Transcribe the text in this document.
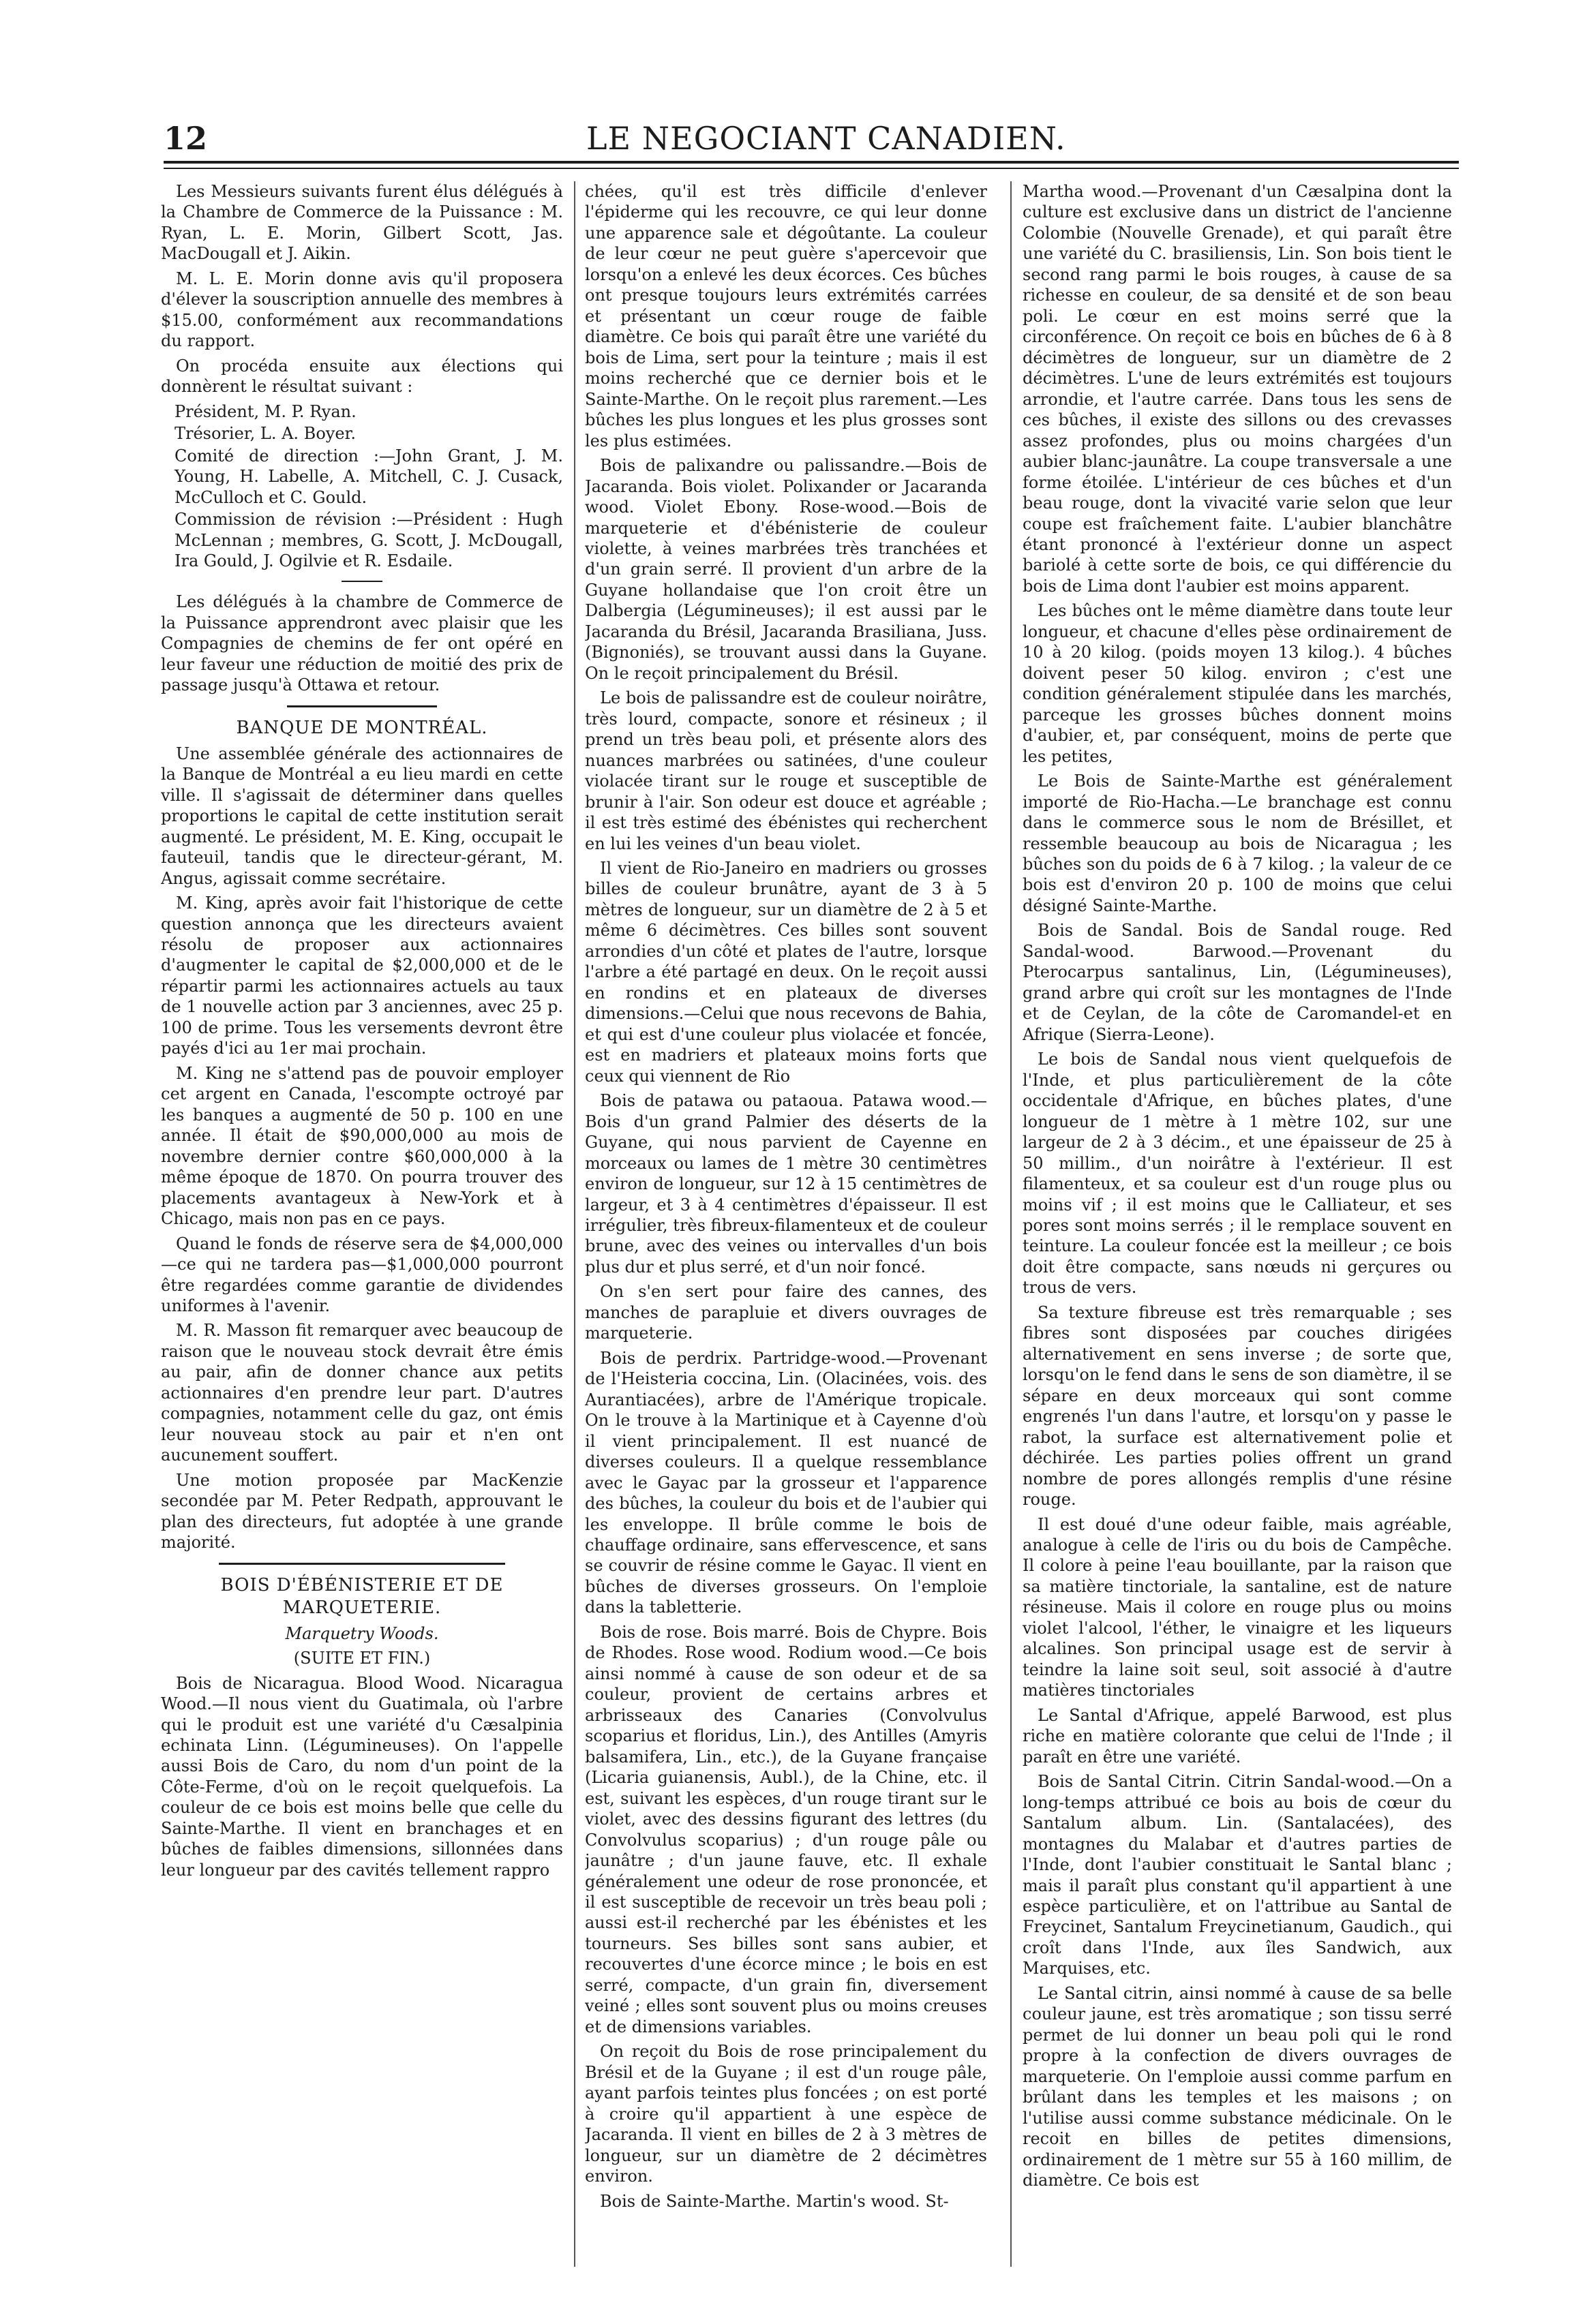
12	LE NEGOCIANT CANADIEN.

Les Messieurs suivants furent élus délégués à la Chambre de Commerce de la Puissance : M. Ryan, L. E. Morin, Gilbert Scott, Jas. MacDougall et J. Aikin.

M. L. E. Morin donne avis qu'il proposera d'élever la souscription annuelle des membres à $15.00, conformément aux recommandations du rapport.

On procéda ensuite aux élections qui donnèrent le résultat suivant :

Président, M. P. Ryan.

Trésorier, L. A. Boyer.

Comité de direction :—John Grant, J. M. Young, H. Labelle, A. Mitchell, C. J. Cusack, McCulloch et C. Gould.

Commission de révision :—Président : Hugh McLennan ; membres, G. Scott, J. McDougall, Ira Gould, J. Ogilvie et R. Esdaile.

Les délégués à la chambre de Commerce de la Puissance apprendront avec plaisir que les Compagnies de chemins de fer ont opéré en leur faveur une réduction de moitié des prix de passage jusqu'à Ottawa et retour.

BANQUE DE MONTRÉAL.

Une assemblée générale des actionnaires de la Banque de Montréal a eu lieu mardi en cette ville. Il s'agissait de déterminer dans quelles proportions le capital de cette institution serait augmenté. Le président, M. E. King, occupait le fauteuil, tandis que le directeur-gérant, M. Angus, agissait comme secrétaire.

M. King, après avoir fait l'historique de cette question annonça que les directeurs avaient résolu de proposer aux actionnaires d'augmenter le capital de $2,000,000 et de le répartir parmi les actionnaires actuels au taux de 1 nouvelle action par 3 anciennes, avec 25 p. 100 de prime. Tous les versements devront être payés d'ici au 1er mai prochain.

M. King ne s'attend pas de pouvoir employer cet argent en Canada, l'escompte octroyé par les banques a augmenté de 50 p. 100 en une année. Il était de $90,000,000 au mois de novembre dernier contre $60,000,000 à la même époque de 1870. On pourra trouver des placements avantageux à New-York et à Chicago, mais non pas en ce pays.

Quand le fonds de réserve sera de $4,000,000 —ce qui ne tardera pas—$1,000,000 pourront être regardées comme garantie de dividendes uniformes à l'avenir.

M. R. Masson fit remarquer avec beaucoup de raison que le nouveau stock devrait être émis au pair, afin de donner chance aux petits actionnaires d'en prendre leur part. D'autres compagnies, notamment celle du gaz, ont émis leur nouveau stock au pair et n'en ont aucunement souffert.

Une motion proposée par MacKenzie secondée par M. Peter Redpath, approuvant le plan des directeurs, fut adoptée à une grande majorité.

BOIS D'ÉBÉNISTERIE ET DE MARQUETERIE.

Marquetry Woods.

(SUITE ET FIN.)

Bois de Nicaragua. Blood Wood. Nicaragua Wood.—Il nous vient du Guatimala, où l'arbre qui le produit est une variété d'u Cæsalpinia echinata Linn. (Légumineuses). On l'appelle aussi Bois de Caro, du nom d'un point de la Côte-Ferme, d'où on le reçoit quelquefois. La couleur de ce bois est moins belle que celle du Sainte-Marthe. Il vient en branchages et en bûches de faibles dimensions, sillonnées dans leur longueur par des cavités tellement rappro

chées, qu'il est très difficile d'enlever l'épiderme qui les recouvre, ce qui leur donne une apparence sale et dégoûtante. La couleur de leur cœur ne peut guère s'apercevoir que lorsqu'on a enlevé les deux écorces. Ces bûches ont presque toujours leurs extrémités carrées et présentant un cœur rouge de faible diamètre. Ce bois qui paraît être une variété du bois de Lima, sert pour la teinture ; mais il est moins recherché que ce dernier bois et le Sainte-Marthe. On le reçoit plus rarement.—Les bûches les plus longues et les plus grosses sont les plus estimées.

Bois de palixandre ou palissandre.—Bois de Jacaranda. Bois violet. Polixander or Jacaranda wood. Violet Ebony. Rose-wood.—Bois de marqueterie et d'ébénisterie de couleur violette, à veines marbrées très tranchées et d'un grain serré. Il provient d'un arbre de la Guyane hollandaise que l'on croit être un Dalbergia (Légumineuses); il est aussi par le Jacaranda du Brésil, Jacaranda Brasiliana, Juss. (Bignoniés), se trouvant aussi dans la Guyane. On le reçoit principalement du Brésil.

Le bois de palissandre est de couleur noirâtre, très lourd, compacte, sonore et résineux ; il prend un très beau poli, et présente alors des nuances marbrées ou satinées, d'une couleur violacée tirant sur le rouge et susceptible de brunir à l'air. Son odeur est douce et agréable ; il est très estimé des ébénistes qui recherchent en lui les veines d'un beau violet.

Il vient de Rio-Janeiro en madriers ou grosses billes de couleur brunâtre, ayant de 3 à 5 mètres de longueur, sur un diamètre de 2 à 5 et même 6 décimètres. Ces billes sont souvent arrondies d'un côté et plates de l'autre, lorsque l'arbre a été partagé en deux. On le reçoit aussi en rondins et en plateaux de diverses dimensions.—Celui que nous recevons de Bahia, et qui est d'une couleur plus violacée et foncée, est en madriers et plateaux moins forts que ceux qui viennent de Rio

Bois de patawa ou pataoua. Patawa wood.—Bois d'un grand Palmier des déserts de la Guyane, qui nous parvient de Cayenne en morceaux ou lames de 1 mètre 30 centimètres environ de longueur, sur 12 à 15 centimètres de largeur, et 3 à 4 centimètres d'épaisseur. Il est irrégulier, très fibreux-filamenteux et de couleur brune, avec des veines ou intervalles d'un bois plus dur et plus serré, et d'un noir foncé.

On s'en sert pour faire des cannes, des manches de parapluie et divers ouvrages de marqueterie.

Bois de perdrix. Partridge-wood.—Provenant de l'Heisteria coccina, Lin. (Olacinées, vois. des Aurantiacées), arbre de l'Amérique tropicale. On le trouve à la Martinique et à Cayenne d'où il vient principalement. Il est nuancé de diverses couleurs. Il a quelque ressemblance avec le Gayac par la grosseur et l'apparence des bûches, la couleur du bois et de l'aubier qui les enveloppe. Il brûle comme le bois de chauffage ordinaire, sans effervescence, et sans se couvrir de résine comme le Gayac. Il vient en bûches de diverses grosseurs. On l'emploie dans la tabletterie.

Bois de rose. Bois marré. Bois de Chypre. Bois de Rhodes. Rose wood. Rodium wood.—Ce bois ainsi nommé à cause de son odeur et de sa couleur, provient de certains arbres et arbrisseaux des Canaries (Convolvulus scoparius et floridus, Lin.), des Antilles (Amyris balsamifera, Lin., etc.), de la Guyane française (Licaria guianensis, Aubl.), de la Chine, etc. il est, suivant les espèces, d'un rouge tirant sur le violet, avec des dessins figurant des lettres (du Convolvulus scoparius) ; d'un rouge pâle ou jaunâtre ; d'un jaune fauve, etc. Il exhale généralement une odeur de rose prononcée, et il est susceptible de recevoir un très beau poli ; aussi est-il recherché par les ébénistes et les tourneurs. Ses billes sont sans aubier, et recouvertes d'une écorce mince ; le bois en est serré, compacte, d'un grain fin, diversement veiné ; elles sont souvent plus ou moins creuses et de dimensions variables.

On reçoit du Bois de rose principalement du Brésil et de la Guyane ; il est d'un rouge pâle, ayant parfois teintes plus foncées ; on est porté à croire qu'il appartient à une espèce de Jacaranda. Il vient en billes de 2 à 3 mètres de longueur, sur un diamètre de 2 décimètres environ.

Bois de Sainte-Marthe. Martin's wood. St-

Martha wood.—Provenant d'un Cæsalpina dont la culture est exclusive dans un district de l'ancienne Colombie (Nouvelle Grenade), et qui paraît être une variété du C. brasiliensis, Lin. Son bois tient le second rang parmi le bois rouges, à cause de sa richesse en couleur, de sa densité et de son beau poli. Le cœur en est moins serré que la circonférence. On reçoit ce bois en bûches de 6 à 8 décimètres de longueur, sur un diamètre de 2 décimètres. L'une de leurs extrémités est toujours arrondie, et l'autre carrée. Dans tous les sens de ces bûches, il existe des sillons ou des crevasses assez profondes, plus ou moins chargées d'un aubier blanc-jaunâtre. La coupe transversale a une forme étoilée. L'intérieur de ces bûches et d'un beau rouge, dont la vivacité varie selon que leur coupe est fraîchement faite. L'aubier blanchâtre étant prononcé à l'extérieur donne un aspect bariolé à cette sorte de bois, ce qui différencie du bois de Lima dont l'aubier est moins apparent.

Les bûches ont le même diamètre dans toute leur longueur, et chacune d'elles pèse ordinairement de 10 à 20 kilog. (poids moyen 13 kilog.). 4 bûches doivent peser 50 kilog. environ ; c'est une condition généralement stipulée dans les marchés, parceque les grosses bûches donnent moins d'aubier, et, par conséquent, moins de perte que les petites,

Le Bois de Sainte-Marthe est généralement importé de Rio-Hacha.—Le branchage est connu dans le commerce sous le nom de Brésillet, et ressemble beaucoup au bois de Nicaragua ; les bûches son du poids de 6 à 7 kilog. ; la valeur de ce bois est d'environ 20 p. 100 de moins que celui désigné Sainte-Marthe.

Bois de Sandal. Bois de Sandal rouge. Red Sandal-wood. Barwood.—Provenant du Pterocarpus santalinus, Lin, (Légumineuses), grand arbre qui croît sur les montagnes de l'Inde et de Ceylan, de la côte de Caromandel-et en Afrique (Sierra-Leone).

Le bois de Sandal nous vient quelquefois de l'Inde, et plus particulièrement de la côte occidentale d'Afrique, en bûches plates, d'une longueur de 1 mètre à 1 mètre 102, sur une largeur de 2 à 3 décim., et une épaisseur de 25 à 50 millim., d'un noirâtre à l'extérieur. Il est filamenteux, et sa couleur est d'un rouge plus ou moins vif ; il est moins que le Calliateur, et ses pores sont moins serrés ; il le remplace souvent en teinture. La couleur foncée est la meilleur ; ce bois doit être compacte, sans nœuds ni gerçures ou trous de vers.

Sa texture fibreuse est très remarquable ; ses fibres sont disposées par couches dirigées alternativement en sens inverse ; de sorte que, lorsqu'on le fend dans le sens de son diamètre, il se sépare en deux morceaux qui sont comme engrenés l'un dans l'autre, et lorsqu'on y passe le rabot, la surface est alternativement polie et déchirée. Les parties polies offrent un grand nombre de pores allongés remplis d'une résine rouge.

Il est doué d'une odeur faible, mais agréable, analogue à celle de l'iris ou du bois de Campêche. Il colore à peine l'eau bouillante, par la raison que sa matière tinctoriale, la santaline, est de nature résineuse. Mais il colore en rouge plus ou moins violet l'alcool, l'éther, le vinaigre et les liqueurs alcalines. Son principal usage est de servir à teindre la laine soit seul, soit associé à d'autre matières tinctoriales

Le Santal d'Afrique, appelé Barwood, est plus riche en matière colorante que celui de l'Inde ; il paraît en être une variété.

Bois de Santal Citrin. Citrin Sandal-wood.—On a long-temps attribué ce bois au bois de cœur du Santalum album. Lin. (Santalacées), des montagnes du Malabar et d'autres parties de l'Inde, dont l'aubier constituait le Santal blanc ; mais il paraît plus constant qu'il appartient à une espèce particulière, et on l'attribue au Santal de Freycinet, Santalum Freycinetianum, Gaudich., qui croît dans l'Inde, aux îles Sandwich, aux Marquises, etc.

Le Santal citrin, ainsi nommé à cause de sa belle couleur jaune, est très aromatique ; son tissu serré permet de lui donner un beau poli qui le rond propre à la confection de divers ouvrages de marqueterie. On l'emploie aussi comme parfum en brûlant dans les temples et les maisons ; on l'utilise aussi comme substance médicinale. On le recoit en billes de petites dimensions, ordinairement de 1 mètre sur 55 à 160 millim, de diamètre. Ce bois est
